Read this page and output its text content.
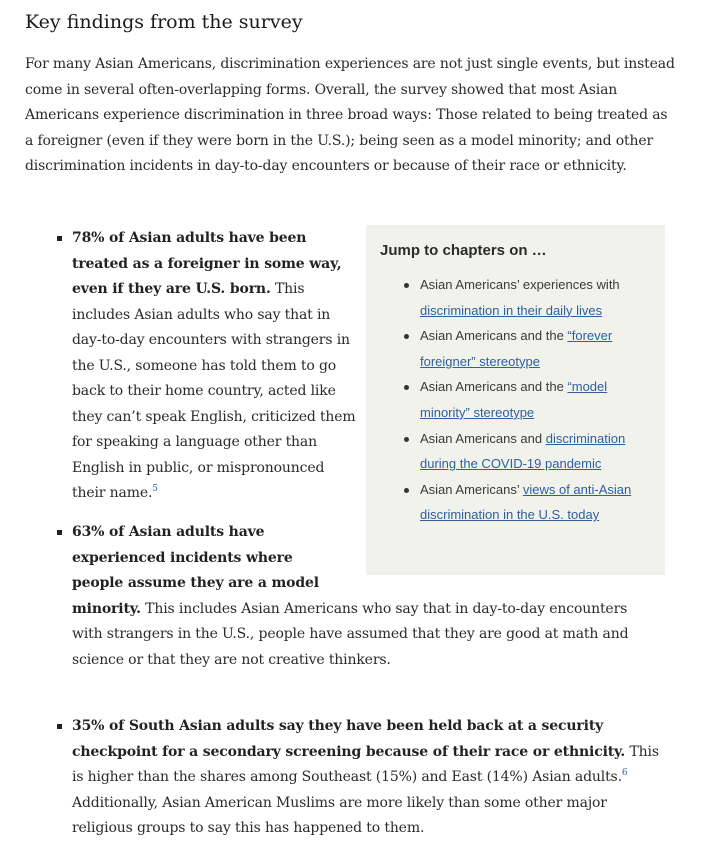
Key findings from the survey

For many Asian Americans, discrimination experiences are not just single events, but instead come in several often-overlapping forms. Overall, the survey showed that most Asian Americans experience discrimination in three broad ways: Those related to being treated as a foreigner (even if they were born in the U.S.); being seen as a model minority; and other discrimination incidents in day-to-day encounters or because of their race or ethnicity.

Jump to chapters on …
Asian Americans’ experiences with discrimination in their daily lives
Asian Americans and the “forever foreigner” stereotype
Asian Americans and the “model minority” stereotype
Asian Americans and discrimination during the COVID-19 pandemic
Asian Americans’ views of anti-Asian discrimination in the U.S. today
78% of Asian adults have been treated as a foreigner in some way, even if they are U.S. born. This includes Asian adults who say that in day-to-day encounters with strangers in the U.S., someone has told them to go back to their home country, acted like they can’t speak English, criticized them for speaking a language other than English in public, or mispronounced their name.$^5$
63% of Asian adults have experienced incidents where people assume they are a model minority. This includes Asian Americans who say that in day-to-day encounters with strangers in the U.S., people have assumed that they are good at math and science or that they are not creative thinkers.
35% of South Asian adults say they have been held back at a security checkpoint for a secondary screening because of their race or ethnicity. This is higher than the shares among Southeast (15%) and East (14%) Asian adults.$^6$ Additionally, Asian American Muslims are more likely than some other major religious groups to say this has happened to them.
